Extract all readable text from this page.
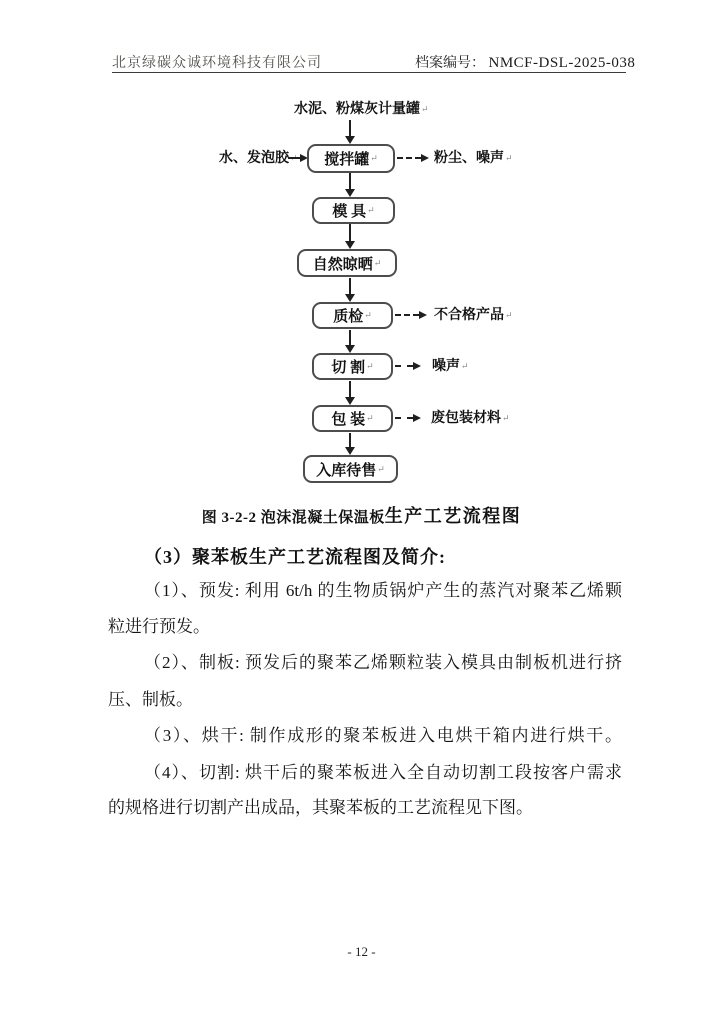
北京绿碳众诚环境科技有限公司	档案编号： NMCF-DSL-2025-038
水泥、粉煤灰计量罐↵
水、发泡胶↵ 搅拌罐 ↵	粉尘、噪声↵
模 具 ↵
自然晾晒 ↵
质检 ↵	不合格产品↵
切 割 ↵	噪声↵
包 装 ↵	废包装材料↵
入库待售 ↵
图 3-2-2 泡沫混凝土保温板生产工艺流程图
（3）聚苯板生产工艺流程图及简介:
（1）、预发: 利用 6t/h 的生物质锅炉产生的蒸汽对聚苯乙烯颗
粒进行预发。
（2）、制板: 预发后的聚苯乙烯颗粒装入模具由制板机进行挤
压、制板。
（3）、烘干: 制作成形的聚苯板进入电烘干箱内进行烘干。
（4）、切割: 烘干后的聚苯板进入全自动切割工段按客户需求
的规格进行切割产出成品，其聚苯板的工艺流程见下图。
- 12 -
